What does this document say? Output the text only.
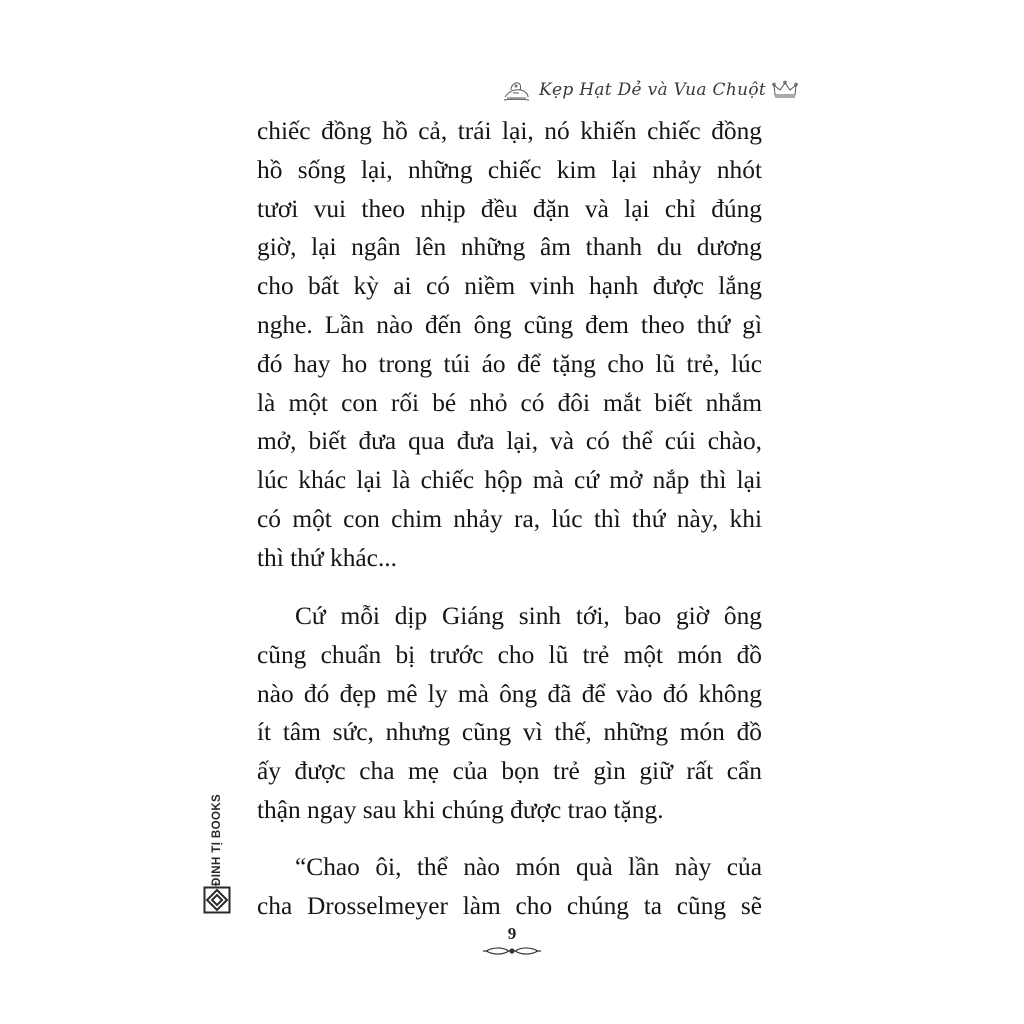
Kẹp Hạt Dẻ và Vua Chuột
chiếc đồng hồ cả, trái lại, nó khiến chiếc đồng
hồ sống lại, những chiếc kim lại nhảy nhót
tươi vui theo nhịp đều đặn và lại chỉ đúng
giờ, lại ngân lên những âm thanh du dương
cho bất kỳ ai có niềm vinh hạnh được lắng
nghe. Lần nào đến ông cũng đem theo thứ gì
đó hay ho trong túi áo để tặng cho lũ trẻ, lúc
là một con rối bé nhỏ có đôi mắt biết nhắm
mở, biết đưa qua đưa lại, và có thể cúi chào,
lúc khác lại là chiếc hộp mà cứ mở nắp thì lại
có một con chim nhảy ra, lúc thì thứ này, khi
thì thứ khác...
Cứ mỗi dịp Giáng sinh tới, bao giờ ông
cũng chuẩn bị trước cho lũ trẻ một món đồ
nào đó đẹp mê ly mà ông đã để vào đó không
ít tâm sức, nhưng cũng vì thế, những món đồ
ấy được cha mẹ của bọn trẻ gìn giữ rất cẩn
thận ngay sau khi chúng được trao tặng.
“Chao ôi, thể nào món quà lần này của
cha Drosselmeyer làm cho chúng ta cũng sẽ
ĐINH TỊ BOOKS
9
